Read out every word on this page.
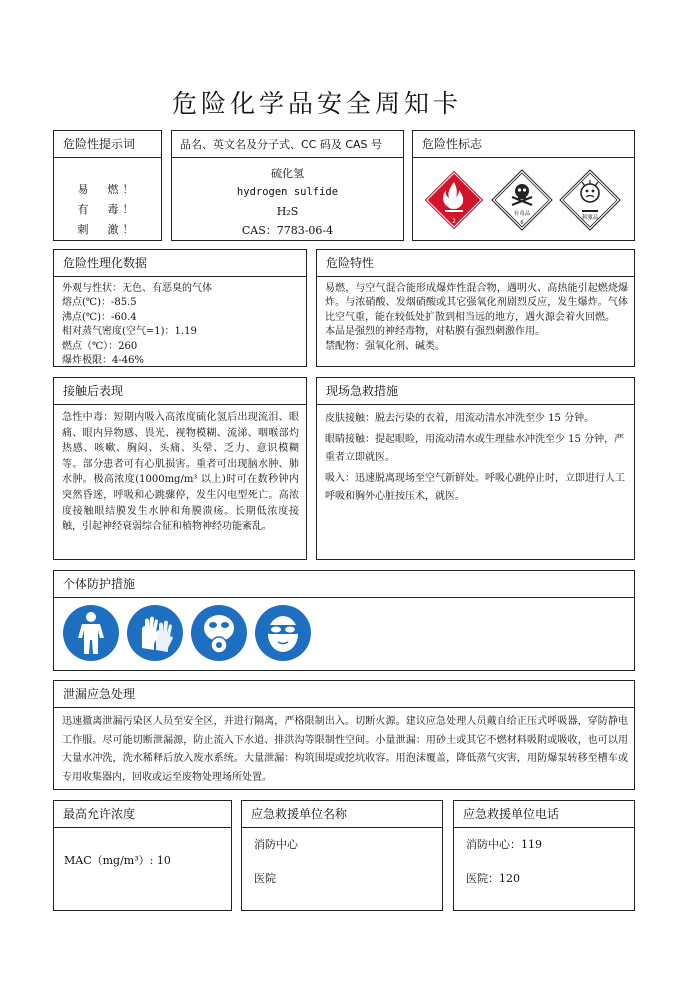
危险化学品安全周知卡
危险性提示词
易　燃！
有　毒！
刺　激！
品名、英文名及分子式、CC 码及 CAS 号
硫化氢
hydrogen sulfide
H₂S
CAS：7783-06-4
危险性标志
2
有毒品
6
刺激品
危险性理化数据
外观与性状：无色、有恶臭的气体
熔点(℃)：-85.5
沸点(℃)：-60.4
相对蒸气密度(空气=1)：1.19
燃点（℃）：260
爆炸极限：4-46%
危险特性
易燃，与空气混合能形成爆炸性混合物，遇明火、高热能引起燃烧爆炸。与浓硝酸、发烟硝酸或其它强氧化剂剧烈反应，发生爆炸。气体比空气重，能在较低处扩散到相当远的地方，遇火源会着火回燃。
本品是强烈的神经毒物，对粘膜有强烈刺激作用。
禁配物：强氧化剂、碱类。
接触后表现
急性中毒：短期内吸入高浓度硫化氢后出现流泪、眼痛、眼内异物感、畏光、视物模糊、流涕、咽喉部灼热感、咳嗽、胸闷、头痛、头晕、乏力、意识模糊等。部分患者可有心肌损害。重者可出现脑水肿、肺水肿。极高浓度(1000mg/m³ 以上)时可在数秒钟内突然昏迷，呼吸和心跳骤停，发生闪电型死亡。高浓度接触眼结膜发生水肿和角膜溃疡。长期低浓度接触，引起神经衰弱综合征和植物神经功能紊乱。
现场急救措施
皮肤接触：脱去污染的衣着，用流动清水冲洗至少 15 分钟。
眼睛接触：提起眼睑，用流动清水或生理盐水冲洗至少 15 分钟，严重者立即就医。
吸入：迅速脱离现场至空气新鲜处。呼吸心跳停止时，立即进行人工呼吸和胸外心脏按压术，就医。
个体防护措施
泄漏应急处理
迅速撤离泄漏污染区人员至安全区，并进行隔离，严格限制出入。切断火源。建议应急处理人员戴自给正压式呼吸器，穿防静电工作服。尽可能切断泄漏源，防止流入下水道、排洪沟等限制性空间。小量泄漏：用砂土或其它不燃材料吸附或吸收，也可以用大量水冲洗，洗水稀释后放入废水系统。大量泄漏：构筑围堤或挖坑收容。用泡沫覆盖，降低蒸气灾害，用防爆泵转移至槽车或专用收集器内，回收或运至废物处理场所处置。
最高允许浓度
MAC（mg/m³）: 10
应急救援单位名称
消防中心
医院
应急救援单位电话
消防中心：119
医院：120
